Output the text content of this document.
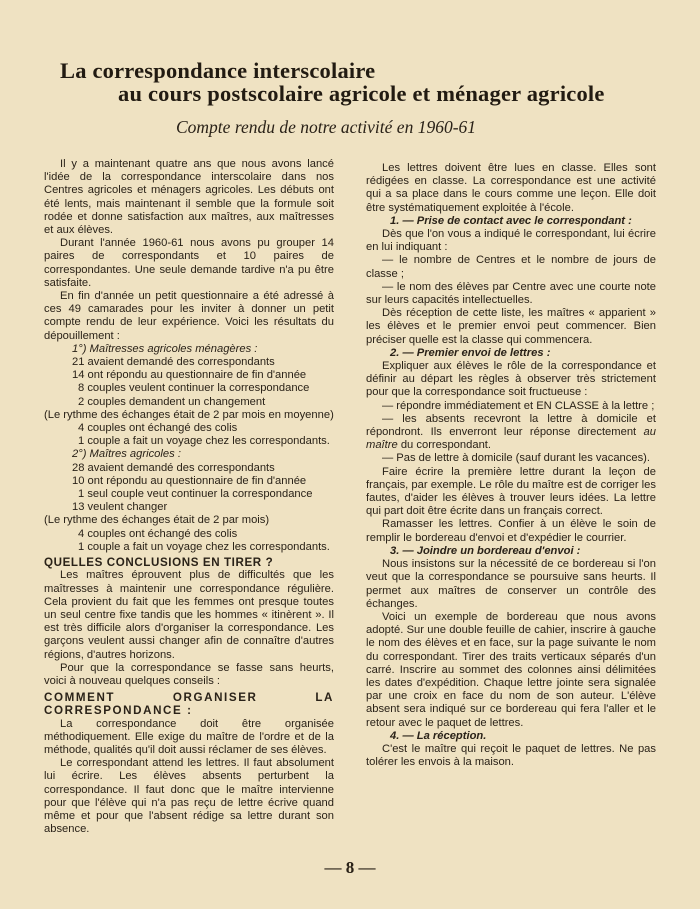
La correspondance interscolaire
au cours postscolaire agricole et ménager agricole
Compte rendu de notre activité en 1960-61

Il y a maintenant quatre ans que nous avons lancé l'idée de la correspondance interscolaire dans nos Centres agricoles et ménagers agricoles. Les débuts ont été lents, mais maintenant il semble que la formule soit rodée et donne satisfaction aux maîtres, aux maîtresses et aux élèves.

Durant l'année 1960-61 nous avons pu grouper 14 paires de correspondants et 10 paires de correspondantes. Une seule demande tardive n'a pu être satisfaite.

En fin d'année un petit questionnaire a été adressé à ces 49 camarades pour les inviter à donner un petit compte rendu de leur expérience. Voici les résultats du dépouillement :

1°) Maîtresses agricoles ménagères :

21 avaient demandé des correspondants

14 ont répondu au questionnaire de fin d'année

8 couples veulent continuer la correspondance

2 couples demandent un changement

(Le rythme des échanges était de 2 par mois en moyenne)

4 couples ont échangé des colis

1 couple a fait un voyage chez les correspondants.

2°) Maîtres agricoles :

28 avaient demandé des correspondants

10 ont répondu au questionnaire de fin d'année

1 seul couple veut continuer la correspondance

13 veulent changer

(Le rythme des échanges était de 2 par mois)

4 couples ont échangé des colis

1 couple a fait un voyage chez les correspondants.

QUELLES CONCLUSIONS EN TIRER ?

Les maîtres éprouvent plus de difficultés que les maîtresses à maintenir une correspondance régulière. Cela provient du fait que les femmes ont presque toutes un seul centre fixe tandis que les hommes « itinèrent ». Il est très difficile alors d'organiser la correspondance. Les garçons veulent aussi changer afin de connaître d'autres régions, d'autres horizons.

Pour que la correspondance se fasse sans heurts, voici à nouveau quelques conseils :

COMMENT ORGANISER LA CORRESPONDANCE :

La correspondance doit être organisée méthodiquement. Elle exige du maître de l'ordre et de la méthode, qualités qu'il doit aussi réclamer de ses élèves.

Le correspondant attend les lettres. Il faut absolument lui écrire. Les élèves absents perturbent la correspondance. Il faut donc que le maître intervienne pour que l'élève qui n'a pas reçu de lettre écrive quand même et pour que l'absent rédige sa lettre durant son absence.

Les lettres doivent être lues en classe. Elles sont rédigées en classe. La correspondance est une activité qui a sa place dans le cours comme une leçon. Elle doit être systématiquement exploitée à l'école.

1. — Prise de contact avec le correspondant :

Dès que l'on vous a indiqué le correspondant, lui écrire en lui indiquant :

— le nombre de Centres et le nombre de jours de classe ;

— le nom des élèves par Centre avec une courte note sur leurs capacités intellectuelles.

Dès réception de cette liste, les maîtres « apparient » les élèves et le premier envoi peut commencer. Bien préciser quelle est la classe qui commencera.

2. — Premier envoi de lettres :

Expliquer aux élèves le rôle de la correspondance et définir au départ les règles à observer très strictement pour que la correspondance soit fructueuse :

— répondre immédiatement et EN CLASSE à la lettre ;

— les absents recevront la lettre à domicile et répondront. Ils enverront leur réponse directement au maître du correspondant.

— Pas de lettre à domicile (sauf durant les vacances).

Faire écrire la première lettre durant la leçon de français, par exemple. Le rôle du maître est de corriger les fautes, d'aider les élèves à trouver leurs idées. La lettre qui part doit être écrite dans un français correct.

Ramasser les lettres. Confier à un élève le soin de remplir le bordereau d'envoi et d'expédier le courrier.

3. — Joindre un bordereau d'envoi :

Nous insistons sur la nécessité de ce bordereau si l'on veut que la correspondance se poursuive sans heurts. Il permet aux maîtres de conserver un contrôle des échanges.

Voici un exemple de bordereau que nous avons adopté. Sur une double feuille de cahier, inscrire à gauche le nom des élèves et en face, sur la page suivante le nom du correspondant. Tirer des traits verticaux séparés d'un carré. Inscrire au sommet des colonnes ainsi délimitées les dates d'expédition. Chaque lettre jointe sera signalée par une croix en face du nom de son auteur. L'élève absent sera indiqué sur ce bordereau qui fera l'aller et le retour avec le paquet de lettres.

4. — La réception.

C'est le maître qui reçoit le paquet de lettres. Ne pas tolérer les envois à la maison.

— 8 —
